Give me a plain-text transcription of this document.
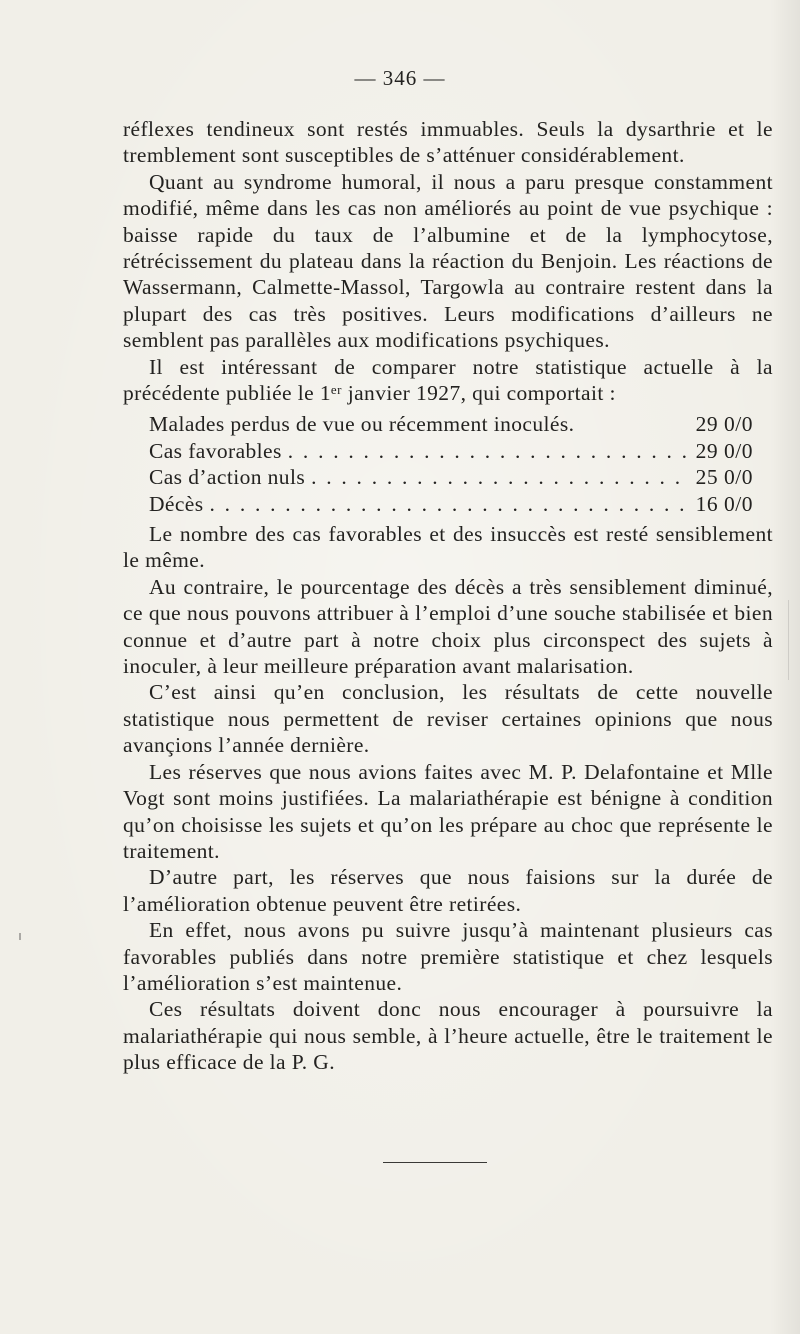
— 346 —

réflexes tendineux sont restés immuables. Seuls la dysarthrie et le tremblement sont susceptibles de s’atténuer considérablement.

Quant au syndrome humoral, il nous a paru presque constamment modifié, même dans les cas non améliorés au point de vue psychique : baisse rapide du taux de l’albumine et de la lymphocytose, rétrécissement du plateau dans la réaction du Benjoin. Les réactions de Wassermann, Calmette-Massol, Targowla au contraire restent dans la plupart des cas très positives. Leurs modifications d’ailleurs ne semblent pas parallèles aux modifications psychiques.

Il est intéressant de comparer notre statistique actuelle à la précédente publiée le 1ᵉʳ janvier 1927, qui comportait :

Malades perdus de vue ou récemment inoculés.	29 0/0
Cas favorables . . .	29 0/0
Cas d’action nuls . . .	25 0/0
Décès . . .	16 0/0

Le nombre des cas favorables et des insuccès est resté sensiblement le même.

Au contraire, le pourcentage des décès a très sensiblement diminué, ce que nous pouvons attribuer à l’emploi d’une souche stabilisée et bien connue et d’autre part à notre choix plus circonspect des sujets à inoculer, à leur meilleure préparation avant malarisation.

C’est ainsi qu’en conclusion, les résultats de cette nouvelle statistique nous permettent de reviser certaines opinions que nous avançions l’année dernière.

Les réserves que nous avions faites avec M. P. Delafontaine et Mlle Vogt sont moins justifiées. La malariathérapie est bénigne à condition qu’on choisisse les sujets et qu’on les prépare au choc que représente le traitement.

D’autre part, les réserves que nous faisions sur la durée de l’amélioration obtenue peuvent être retirées.

En effet, nous avons pu suivre jusqu’à maintenant plusieurs cas favorables publiés dans notre première statistique et chez lesquels l’amélioration s’est maintenue.

Ces résultats doivent donc nous encourager à poursuivre la malariathérapie qui nous semble, à l’heure actuelle, être le traitement le plus efficace de la P. G.
